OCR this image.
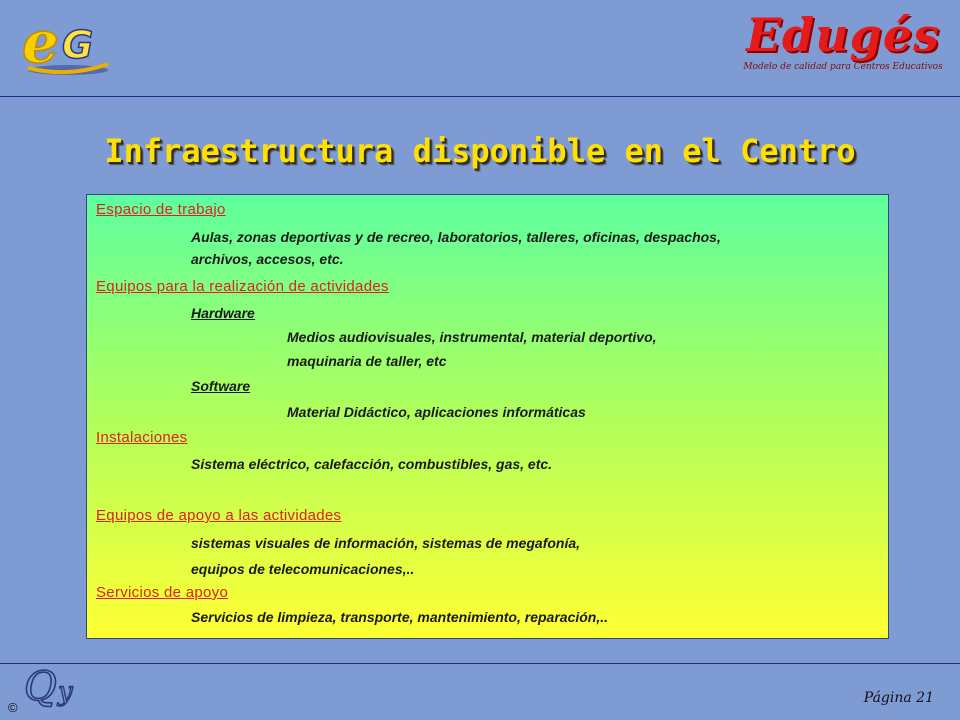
e G	Edugés
Modelo de calidad para Centros Educativos
Infraestructura disponible en el Centro
Espacio de trabajo
Aulas, zonas deportivas y de recreo, laboratorios, talleres, oficinas, despachos,
archivos, accesos, etc.
Equipos para la realización de actividades
Hardware
Medios audiovisuales, instrumental, material deportivo,
maquinaria de taller, etc
Software
Material Didáctico, aplicaciones informáticas
Instalaciones
Sistema eléctrico, calefacción, combustibles, gas, etc.
Equipos de apoyo a las actividades
sistemas visuales de información, sistemas de megafonía,
equipos de telecomunicaciones,..
Servicios de apoyo
Servicios de limpieza, transporte, mantenimiento, reparación,..
Q y
©
Página 21
